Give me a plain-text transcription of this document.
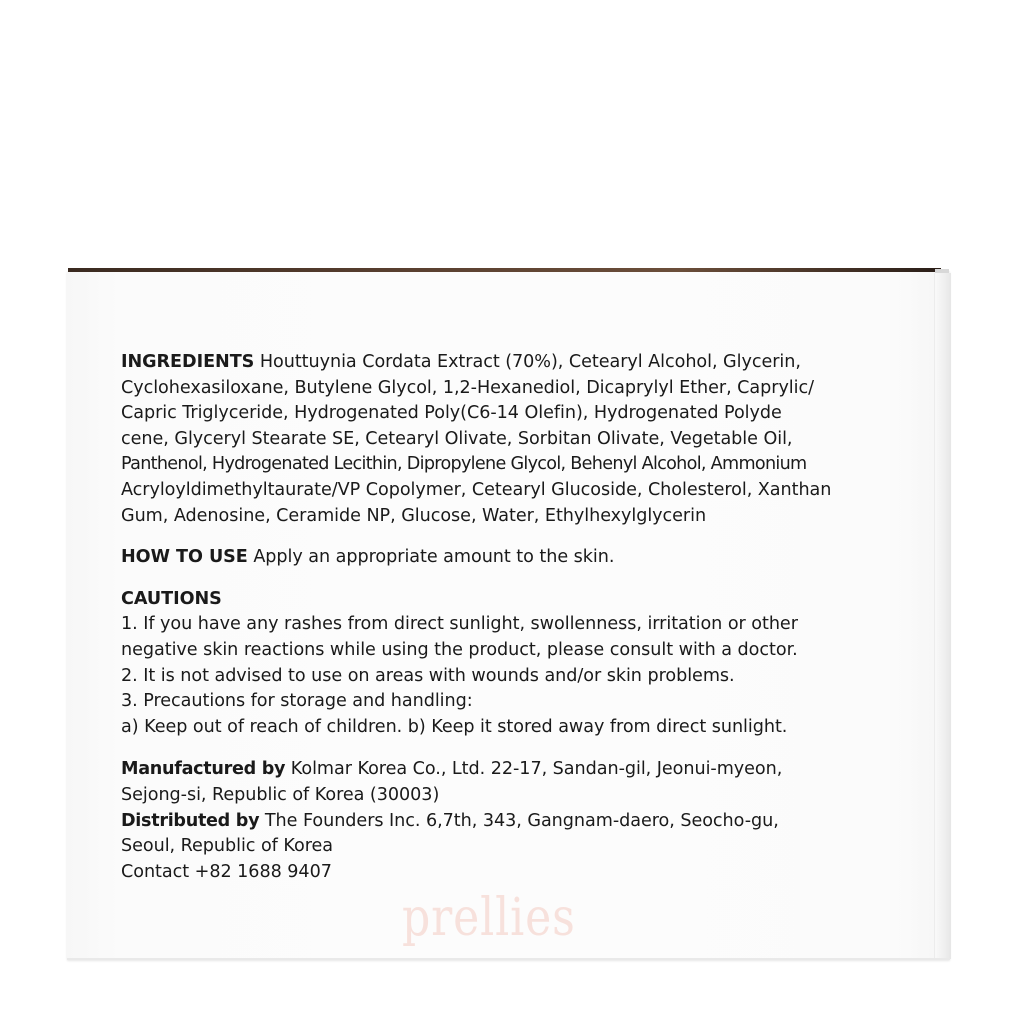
INGREDIENTS Houttuynia Cordata Extract (70%), Cetearyl Alcohol, Glycerin,
Cyclohexasiloxane, Butylene Glycol, 1,2-Hexanediol, Dicaprylyl Ether, Caprylic/
Capric Triglyceride, Hydrogenated Poly(C6-14 Olefin), Hydrogenated Polyde
cene, Glyceryl Stearate SE, Cetearyl Olivate, Sorbitan Olivate, Vegetable Oil,
Panthenol, Hydrogenated Lecithin, Dipropylene Glycol, Behenyl Alcohol, Ammonium
Acryloyldimethyltaurate/VP Copolymer, Cetearyl Glucoside, Cholesterol, Xanthan
Gum, Adenosine, Ceramide NP, Glucose, Water, Ethylhexylglycerin

HOW TO USE Apply an appropriate amount to the skin.

CAUTIONS
1. If you have any rashes from direct sunlight, swollenness, irritation or other
negative skin reactions while using the product, please consult with a doctor.
2. It is not advised to use on areas with wounds and/or skin problems.
3. Precautions for storage and handling:
a) Keep out of reach of children. b) Keep it stored away from direct sunlight.
Manufactured by Kolmar Korea Co., Ltd. 22-17, Sandan-gil, Jeonui-myeon,
Sejong-si, Republic of Korea (30003)
Distributed by The Founders Inc. 6,7th, 343, Gangnam-daero, Seocho-gu,
Seoul, Republic of Korea
Contact +82 1688 9407
prellies
